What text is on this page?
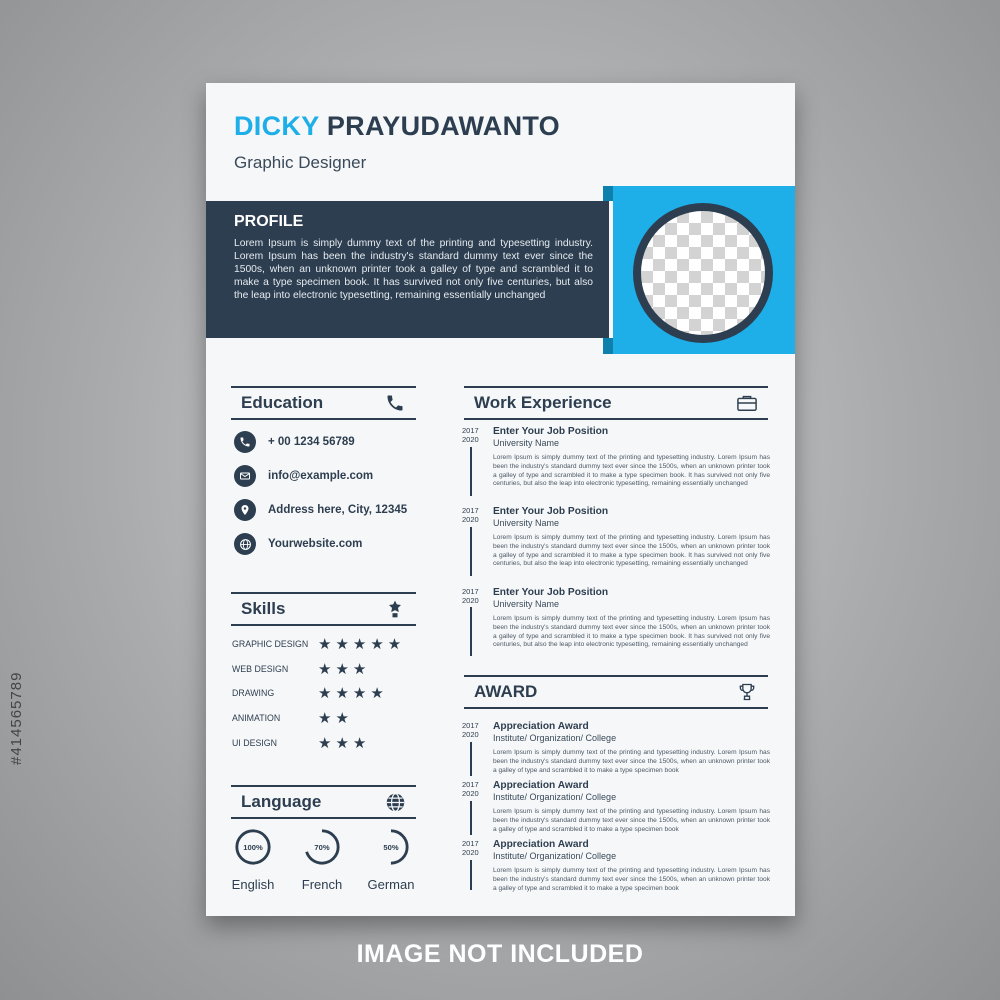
#414565789
DICKY PRAYUDAWANTO
Graphic Designer
PROFILE
Lorem Ipsum is simply dummy text of the printing and typesetting industry. Lorem Ipsum has been the industry's standard dummy text ever since the 1500s, when an unknown printer took a galley of type and scrambled it to make a type specimen book. It has survived not only five centuries, but also the leap into electronic typesetting, remaining essentially unchanged
Education
+ 00 1234 56789
info@example.com
Address here, City, 12345
Yourwebsite.com
Skills
GRAPHIC DESIGN ★★★★★
WEB DESIGN	★★★
DRAWING	★★★★
ANIMATION	★★
UI DESIGN	★★★
Language
100%
English
70%
French
50%
German
Work Experience
2017
2020
Enter Your Job Position
University Name
Lorem Ipsum is simply dummy text of the printing and typesetting industry. Lorem Ipsum has been the industry's standard dummy text ever since the 1500s, when an unknown printer took a galley of type and scrambled it to make a type specimen book. It has survived not only five centuries, but also the leap into electronic typesetting, remaining essentially unchanged
2017
2020
Enter Your Job Position
University Name
Lorem Ipsum is simply dummy text of the printing and typesetting industry. Lorem Ipsum has been the industry's standard dummy text ever since the 1500s, when an unknown printer took a galley of type and scrambled it to make a type specimen book. It has survived not only five centuries, but also the leap into electronic typesetting, remaining essentially unchanged
2017
2020
Enter Your Job Position
University Name
Lorem Ipsum is simply dummy text of the printing and typesetting industry. Lorem Ipsum has been the industry's standard dummy text ever since the 1500s, when an unknown printer took a galley of type and scrambled it to make a type specimen book. It has survived not only five centuries, but also the leap into electronic typesetting, remaining essentially unchanged
AWARD
2017
2020
Appreciation Award
Institute/ Organization/ College
Lorem Ipsum is simply dummy text of the printing and typesetting industry. Lorem Ipsum has been the industry's standard dummy text ever since the 1500s, when an unknown printer took a galley of type and scrambled it to make a type specimen book
2017
2020
Appreciation Award
Institute/ Organization/ College
Lorem Ipsum is simply dummy text of the printing and typesetting industry. Lorem Ipsum has been the industry's standard dummy text ever since the 1500s, when an unknown printer took a galley of type and scrambled it to make a type specimen book
2017
2020
Appreciation Award
Institute/ Organization/ College
Lorem Ipsum is simply dummy text of the printing and typesetting industry. Lorem Ipsum has been the industry's standard dummy text ever since the 1500s, when an unknown printer took a galley of type and scrambled it to make a type specimen book
IMAGE NOT INCLUDED
